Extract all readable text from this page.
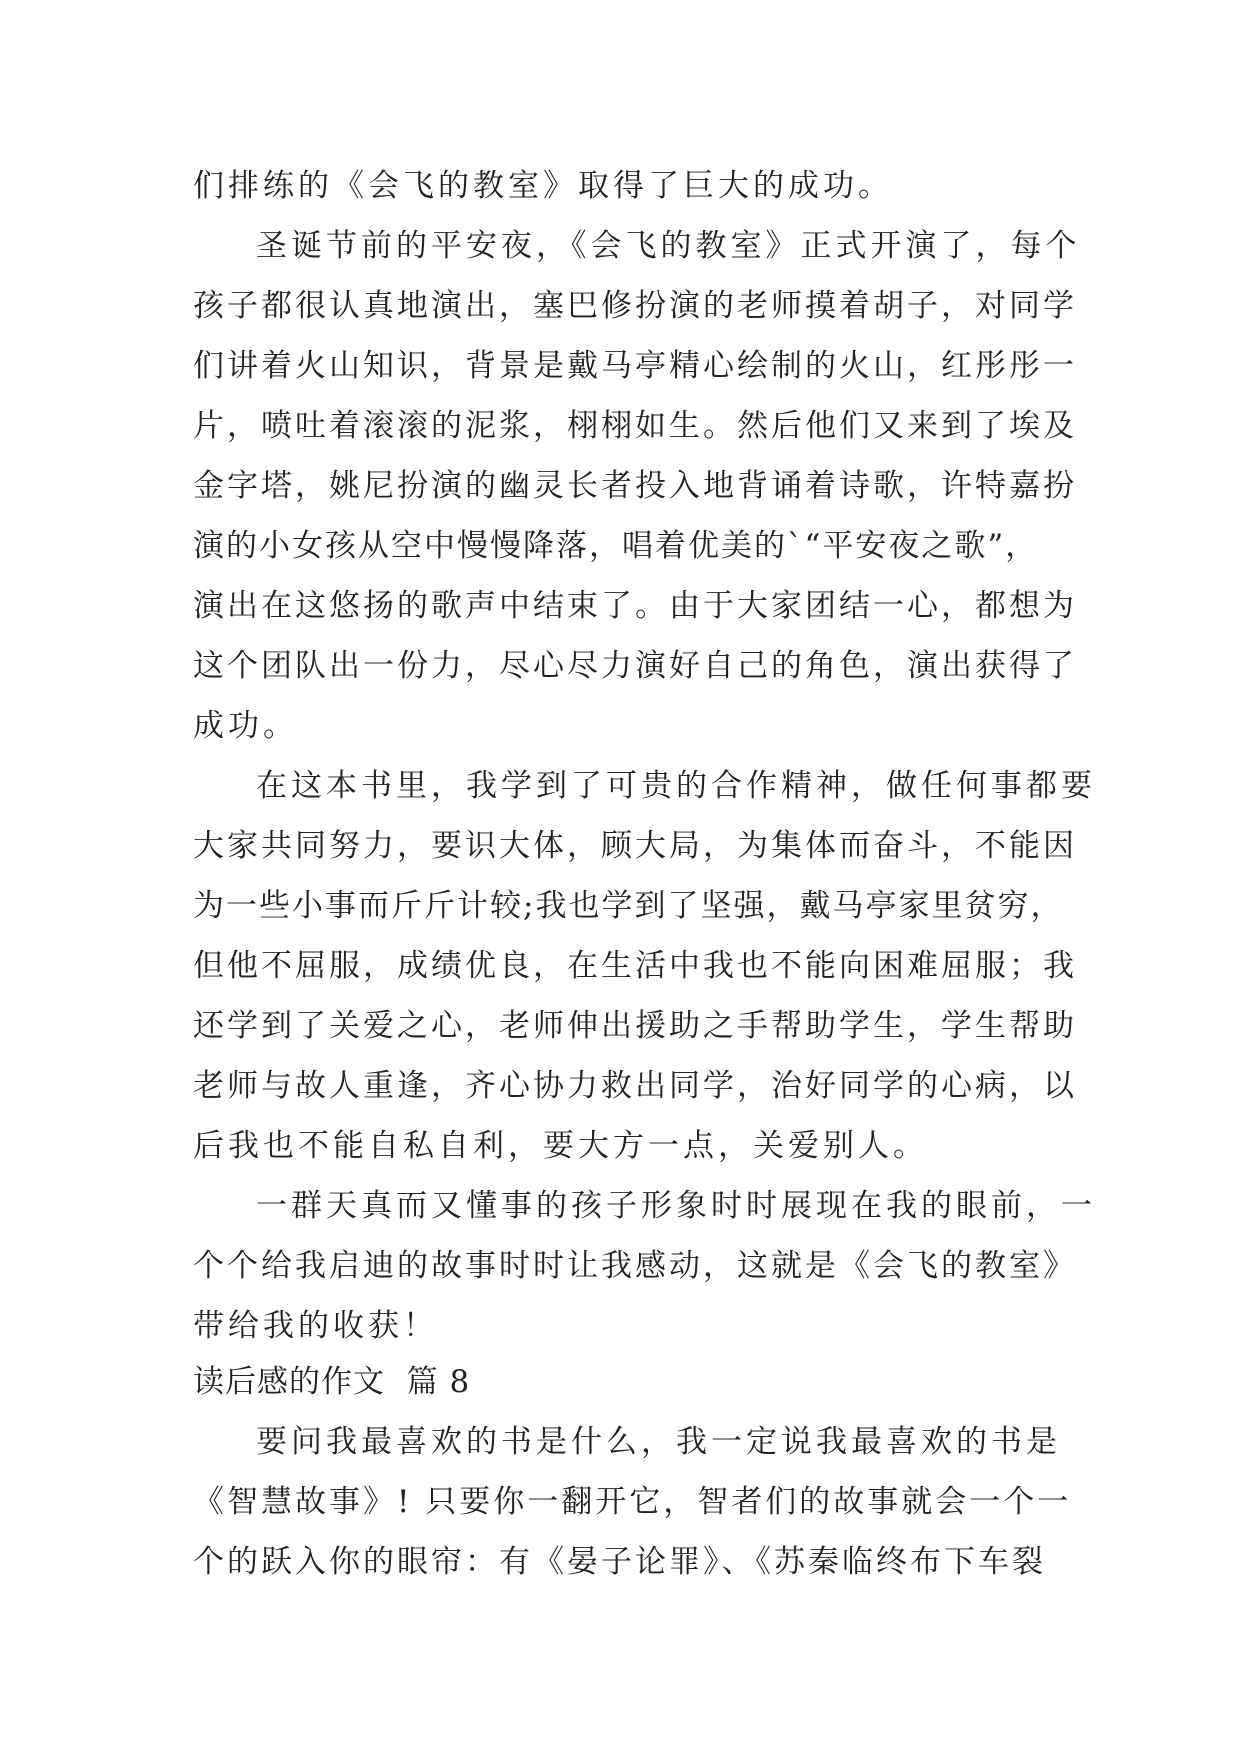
们排练的《会飞的教室》取得了巨大的成功。
圣诞节前的平安夜，《会飞的教室》正式开演了，每个
孩子都很认真地演出，塞巴修扮演的老师摸着胡子，对同学
们讲着火山知识，背景是戴马亭精心绘制的火山，红彤彤一
片，喷吐着滚滚的泥浆，栩栩如生。然后他们又来到了埃及
金字塔，姚尼扮演的幽灵长者投入地背诵着诗歌，许特嘉扮
演的小女孩从空中慢慢降落，唱着优美的`“平安夜之歌”，
演出在这悠扬的歌声中结束了。由于大家团结一心，都想为
这个团队出一份力，尽心尽力演好自己的角色，演出获得了
成功。
在这本书里，我学到了可贵的合作精神，做任何事都要
大家共同努力，要识大体，顾大局，为集体而奋斗，不能因
为一些小事而斤斤计较;我也学到了坚强，戴马亭家里贫穷，
但他不屈服，成绩优良，在生活中我也不能向困难屈服；我
还学到了关爱之心，老师伸出援助之手帮助学生，学生帮助
老师与故人重逢，齐心协力救出同学，治好同学的心病，以
后我也不能自私自利，要大方一点，关爱别人。
一群天真而又懂事的孩子形象时时展现在我的眼前，一
个个给我启迪的故事时时让我感动，这就是《会飞的教室》
带给我的收获！
读后感的作文  篇 8
要问我最喜欢的书是什么，我一定说我最喜欢的书是
《智慧故事》! 只要你一翻开它，智者们的故事就会一个一
个的跃入你的眼帘：有《晏子论罪》、《苏秦临终布下车裂
